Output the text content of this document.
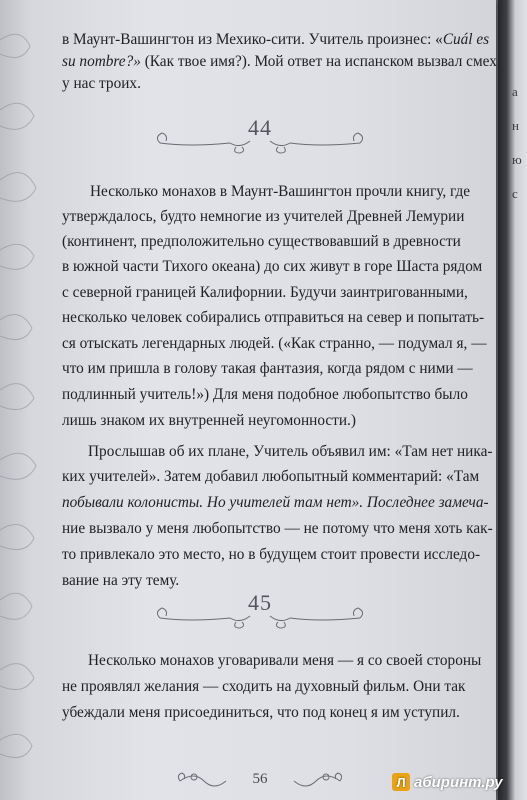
а
н
ю
с
в Маунт-Вашингтон из Мехико-сити. Учитель произнес: «Cuál es
su nombre?» (Как твое имя?). Мой ответ на испанском вызвал смех
у нас троих.
44
Несколько монахов в Маунт-Вашингтон прочли книгу, где
утверждалось, будто немногие из учителей Древней Лемурии
(континент, предположительно существовавший в древности
в южной части Тихого океана) до сих живут в горе Шаста рядом
с северной границей Калифорнии. Будучи заинтригованными,
несколько человек собирались отправиться на север и попытать-
ся отыскать легендарных людей. («Как странно, — подумал я, —
что им пришла в голову такая фантазия, когда рядом с ними —
подлинный учитель!») Для меня подобное любопытство было
лишь знаком их внутренней неугомонности.)
Прослышав об их плане, Учитель объявил им: «Там нет ника-
ких учителей». Затем добавил любопытный комментарий: «Там
побывали колонисты. Но учителей там нет». Последнее замеча-
ние вызвало у меня любопытство — не потому что меня хоть как-
то привлекало это место, но в будущем стоит провести исследо-
вание на эту тему.
45
Несколько монахов уговаривали меня — я со своей стороны
не проявлял желания — сходить на духовный фильм. Они так
убеждали меня присоединиться, что под конец я им уступил.
56	Л абиринт.ру
